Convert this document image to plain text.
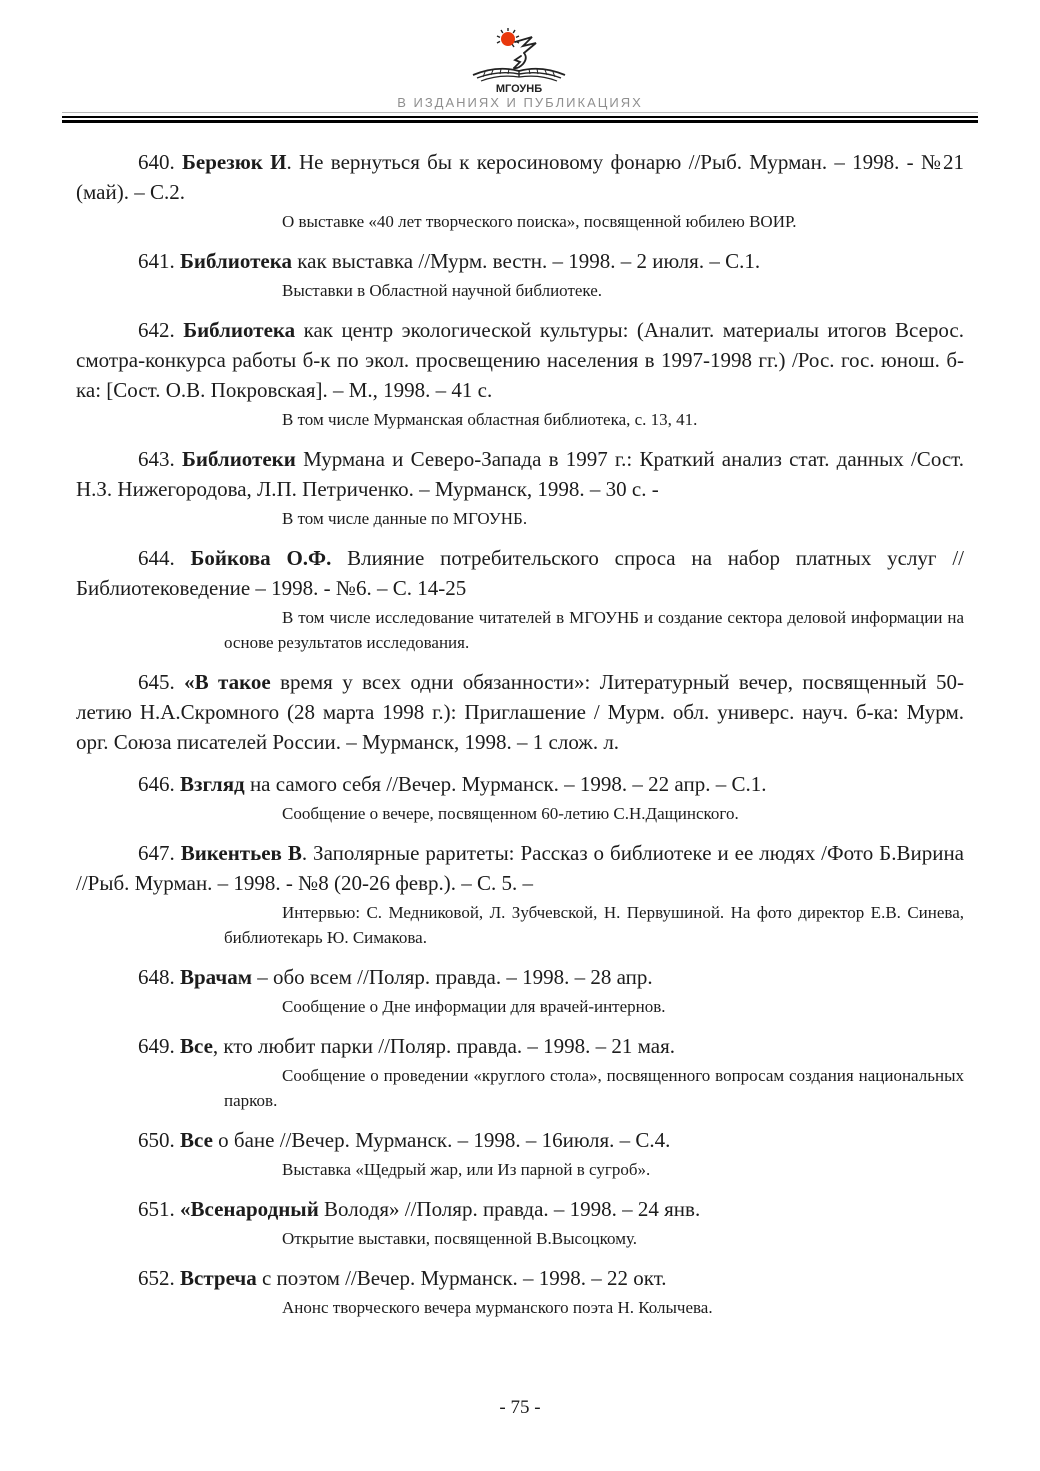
МГОУНБ
В ИЗДАНИЯХ И ПУБЛИКАЦИЯХ

640. Березюк И. Не вернуться бы к керосиновому фонарю //Рыб. Мурман. – 1998. - №21 (май). – С.2.

О выставке «40 лет творческого поиска», посвященной юбилею ВОИР.

641. Библиотека как выставка //Мурм. вестн. – 1998. – 2 июля. – С.1.

Выставки в Областной научной библиотеке.

642. Библиотека как центр экологической культуры: (Аналит. материалы итогов Всерос. смотра-конкурса работы б-к по экол. просвещению населения в 1997-1998 гг.) /Рос. гос. юнош. б-ка: [Сост. О.В. Покровская]. – М., 1998. – 41 с.

В том числе Мурманская областная библиотека, с. 13, 41.

643. Библиотеки Мурмана и Северо-Запада в 1997 г.: Краткий анализ стат. данных /Сост. Н.З. Нижегородова, Л.П. Петриченко. – Мурманск, 1998. – 30 с. -

В том числе данные по МГОУНБ.

644. Бойкова О.Ф. Влияние потребительского спроса на набор платных услуг //Библиотековедение – 1998. - №6. – С. 14-25

В том числе исследование читателей в МГОУНБ и создание сектора деловой информации на основе результатов исследования.

645. «В такое время у всех одни обязанности»: Литературный вечер, посвященный 50-летию Н.А.Скромного (28 марта 1998 г.): Приглашение / Мурм. обл. универс. науч. б-ка: Мурм. орг. Союза писателей России. – Мурманск, 1998. – 1 слож. л.

646. Взгляд на самого себя //Вечер. Мурманск. – 1998. – 22 апр. – С.1.

Сообщение о вечере, посвященном 60-летию С.Н.Дащинского.

647. Викентьев В. Заполярные раритеты: Рассказ о библиотеке и ее людях /Фото Б.Вирина //Рыб. Мурман. – 1998. - №8 (20-26 февр.). – С. 5. –

Интервью: С. Медниковой, Л. Зубчевской, Н. Первушиной. На фото директор Е.В. Синева, библиотекарь Ю. Симакова.

648. Врачам – обо всем //Поляр. правда. – 1998. – 28 апр.

Сообщение о Дне информации для врачей-интернов.

649. Все, кто любит парки //Поляр. правда. – 1998. – 21 мая.

Сообщение о проведении «круглого стола», посвященного вопросам создания национальных парков.

650. Все о бане //Вечер. Мурманск. – 1998. – 16июля. – С.4.

Выставка «Щедрый жар, или Из парной в сугроб».

651. «Всенародный Володя» //Поляр. правда. – 1998. – 24 янв.

Открытие выставки, посвященной В.Высоцкому.

652. Встреча с поэтом //Вечер. Мурманск. – 1998. – 22 окт.

Анонс творческого вечера мурманского поэта Н. Колычева.

- 75 -
